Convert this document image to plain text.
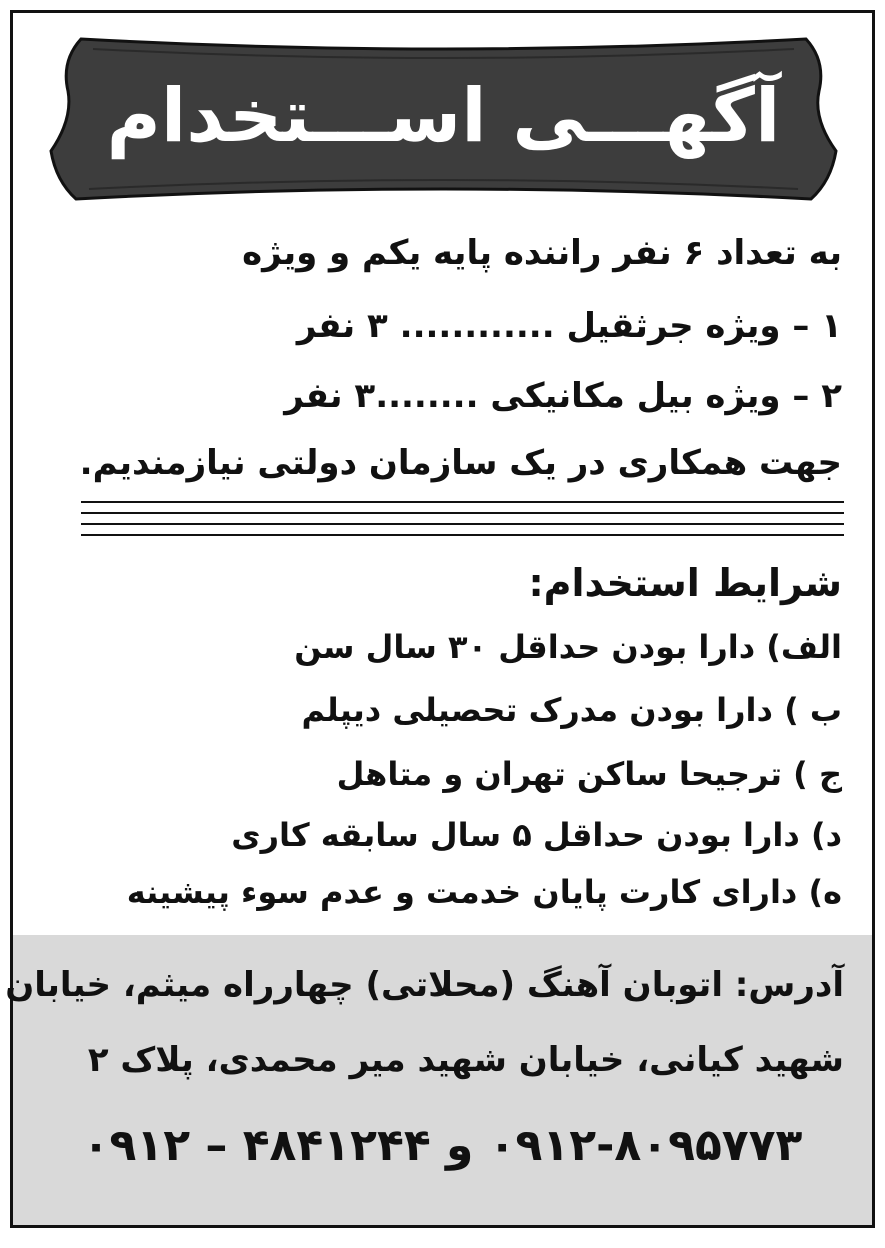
آگهـــی اســـتخدام
به تعداد ۶ نفر راننده پایه یکم و ویژه
۱ – ویژه جرثقیل ............ ۳ نفر
۲ – ویژه بیل مکانیکی ........۳ نفر
جهت همکاری در یک سازمان دولتی نیازمندیم.
شرایط استخدام:
الف) دارا بودن حداقل ۳۰ سال سن
ب ) دارا بودن مدرک تحصیلی دیپلم
ج ) ترجیحا ساکن تهران و متاهل
د) دارا بودن حداقل ۵ سال سابقه کاری
ه) دارای کارت پایان خدمت و عدم سوء پیشینه
آدرس: اتوبان آهنگ (محلاتی) چهارراه میثم، خیابان
شهید کیانی، خیابان شهید میر محمدی، پلاک ۲
۰۹۱۲-۸۰۹۵۷۷۳ و ۴۸۴۱۲۴۴ – ۰۹۱۲
